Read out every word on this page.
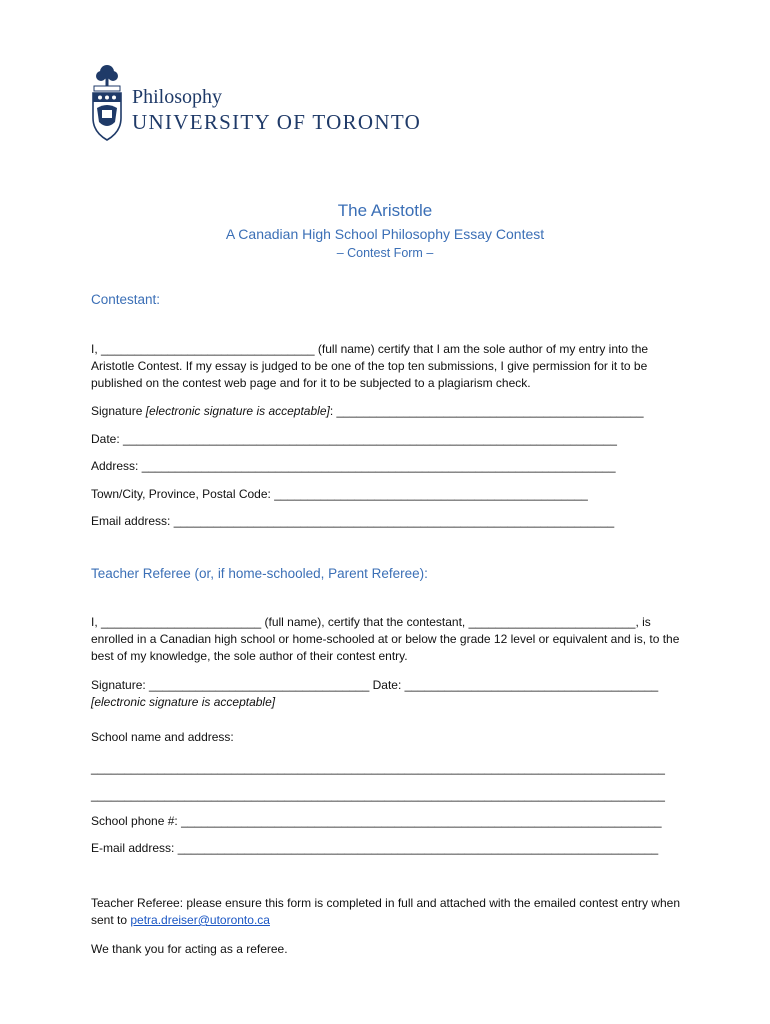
Philosophy
UNIVERSITY OF TORONTO
The Aristotle
A Canadian High School Philosophy Essay Contest
– Contest Form –
Contestant:
I, ________________________________ (full name) certify that I am the sole author of my entry into the Aristotle Contest. If my essay is judged to be one of the top ten submissions, I give permission for it to be published on the contest web page and for it to be subjected to a plagiarism check.
Signature [electronic signature is acceptable]: ______________________________________________
Date: __________________________________________________________________________
Address: _______________________________________________________________________
Town/City, Province, Postal Code: _______________________________________________
Email address: __________________________________________________________________
Teacher Referee (or, if home-schooled, Parent Referee):
I, ________________________ (full name), certify that the contestant, _________________________, is enrolled in a Canadian high school or home-schooled at or below the grade 12 level or equivalent and is, to the best of my knowledge, the sole author of their contest entry.
Signature: _________________________________ Date: ______________________________________
[electronic signature is acceptable]
School name and address:
______________________________________________________________________________________
______________________________________________________________________________________
School phone #: ________________________________________________________________________
E-mail address: ________________________________________________________________________
Teacher Referee: please ensure this form is completed in full and attached with the emailed contest entry when sent to petra.dreiser@utoronto.ca
We thank you for acting as a referee.
